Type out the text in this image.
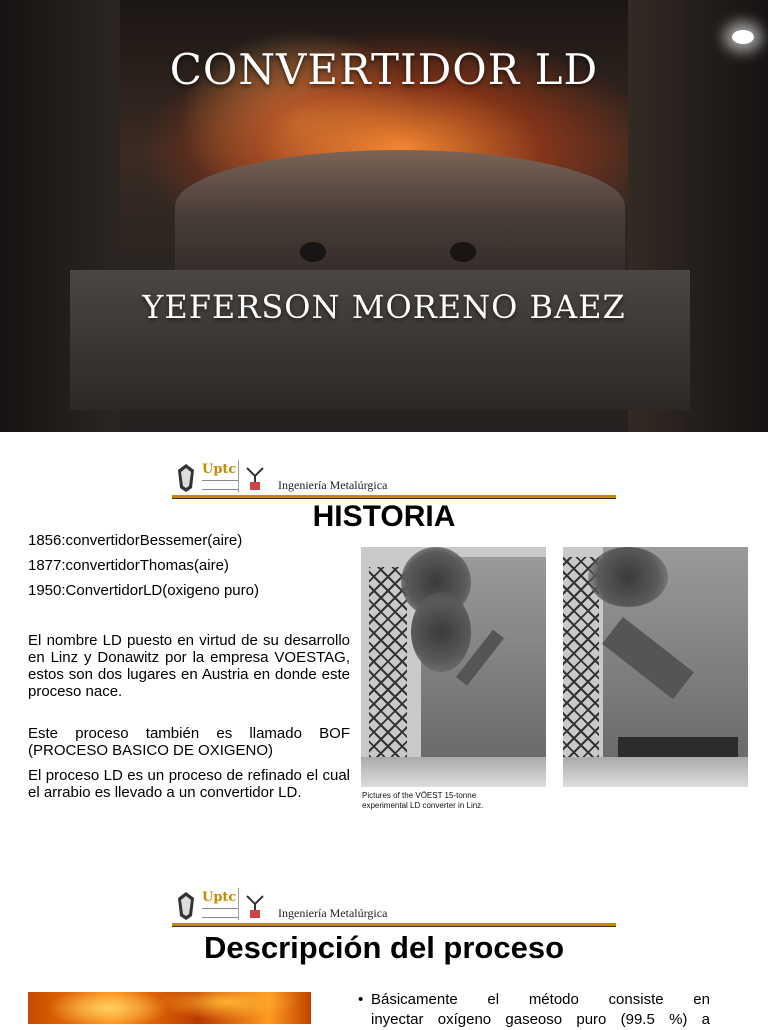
CONVERTIDOR LD
YEFERSON MORENO BAEZ
Uptc
Ingeniería Metalúrgica
HISTORIA
1856:convertidorBessemer(aire)
1877:convertidorThomas(aire)
1950:ConvertidorLD(oxigeno puro)

El nombre LD puesto en virtud de su desarrollo en Linz y Donawitz por la empresa VOESTAG, estos son dos lugares en Austria en donde este proceso nace.

Este proceso también es llamado BOF (PROCESO BASICO DE OXIGENO)

El proceso LD es un proceso de refinado el cual el arrabio es llevado a un convertidor LD.	Pictures of the VÖEST 15-tonne
experimental LD converter in Linz.
Uptc
Ingeniería Metalúrgica
Descripción del proceso
• Básicamente el método consiste en
inyectar oxígeno gaseoso puro (99.5 %) a
